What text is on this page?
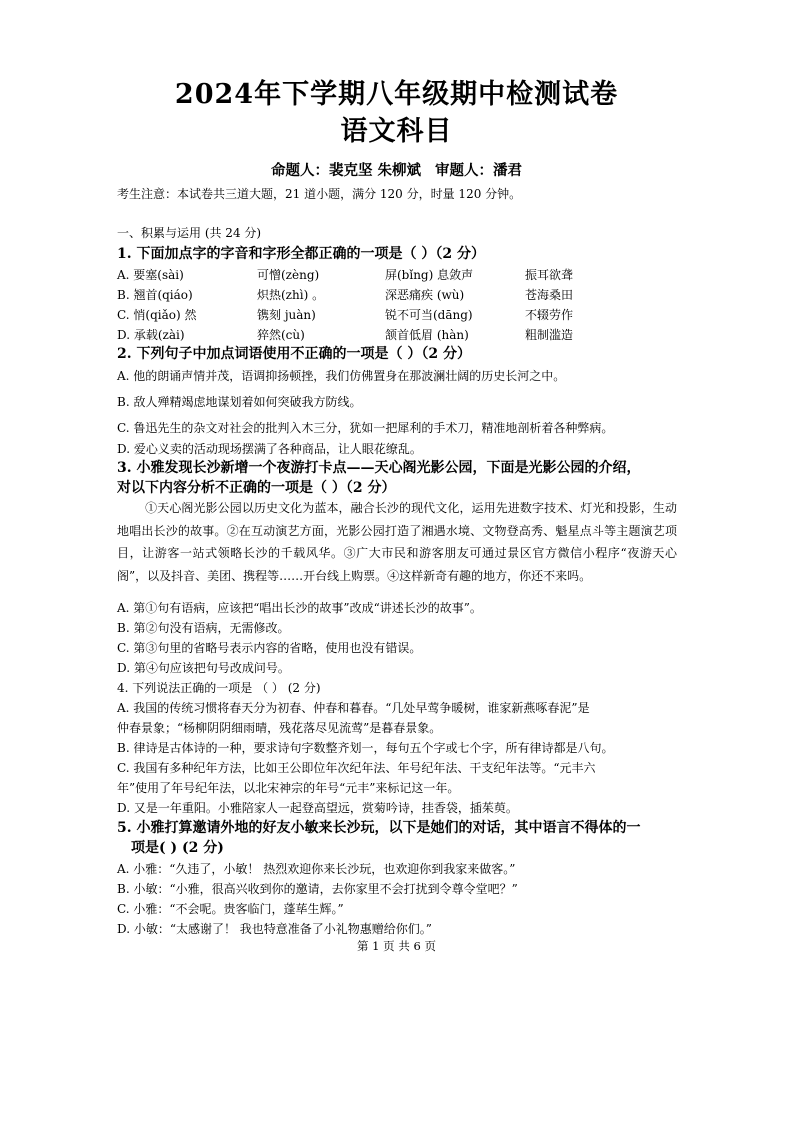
2024年下学期八年级期中检测试卷
语文科目
命题人：裴克坚 朱柳斌 审题人：潘君
考生注意：本试卷共三道大题，21 道小题，满分 120 分，时量 120 分钟。
一、积累与运用 (共 24 分)
1. 下面加点字的字音和字形全都正确的一项是（ ）（2 分）
A. 要塞(sài)	可憎(zèng)	屏(bǐng) 息敛声	振耳欲聋
B. 翘首(qiáo)	炽热(zhì) 。	深恶痛疾 (wù)	苍海桑田
C. 悄(qiǎo) 然	镌刻 juàn)	锐不可当(dāng)	不辍劳作
D. 承载(zài)	猝然(cù)	颔首低眉 (hàn)	粗制滥造
2. 下列句子中加点词语使用不正确的一项是（ ）（2 分）
A. 他的朗诵声情并茂，语调抑扬顿挫，我们仿佛置身在那波澜壮阔的历史长河之中。
B. 敌人殚精竭虑地谋划着如何突破我方防线。
C. 鲁迅先生的杂文对社会的批判入木三分，犹如一把犀利的手术刀，精准地剖析着各种弊病。
D. 爱心义卖的活动现场摆满了各种商品，让人眼花缭乱。
3. 小雅发现长沙新增一个夜游打卡点——天心阁光影公园，下面是光影公园的介绍，
对以下内容分析不正确的一项是（ ）（2 分）
①天心阁光影公园以历史文化为蓝本，融合长沙的现代文化，运用先进数字技术、灯光和投影，生动地唱出长沙的故事。②在互动演艺方面，光影公园打造了湘遇水境、文物登高秀、魁星点斗等主题演艺项目，让游客一站式领略长沙的千载风华。③广大市民和游客朋友可通过景区官方微信小程序“夜游天心阁”，以及抖音、美团、携程等……开台线上购票。④这样新奇有趣的地方，你还不来吗。
A. 第①句有语病，应该把“唱出长沙的故事”改成“讲述长沙的故事”。
B. 第②句没有语病，无需修改。
C. 第③句里的省略号表示内容的省略，使用也没有错误。
D. 第④句应该把句号改成问号。
4. 下列说法正确的一项是 （ ） (2 分)
A. 我国的传统习惯将春天分为初春、仲春和暮春。“几处早莺争暖树，谁家新燕啄春泥”是
仲春景象；“杨柳阴阴细雨晴，残花落尽见流莺”是暮春景象。
B. 律诗是古体诗的一种，要求诗句字数整齐划一，每句五个字或七个字，所有律诗都是八句。
C. 我国有多种纪年方法，比如王公即位年次纪年法、年号纪年法、干支纪年法等。“元丰六
年”使用了年号纪年法，以北宋神宗的年号“元丰”来标记这一年。
D. 又是一年重阳。小雅陪家人一起登高望远，赏菊吟诗，挂香袋，插茱萸。
5. 小雅打算邀请外地的好友小敏来长沙玩，以下是她们的对话，其中语言不得体的一
项是( ) (2 分)
A. 小雅：“久违了，小敏！ 热烈欢迎你来长沙玩，也欢迎你到我家来做客。”
B. 小敏：“小雅，很高兴收到你的邀请，去你家里不会打扰到令尊令堂吧？”
C. 小雅：“不会呢。贵客临门，蓬荜生辉。”
D. 小敏：“太感谢了！ 我也特意准备了小礼物惠赠给你们。”
第 1 页 共 6 页
